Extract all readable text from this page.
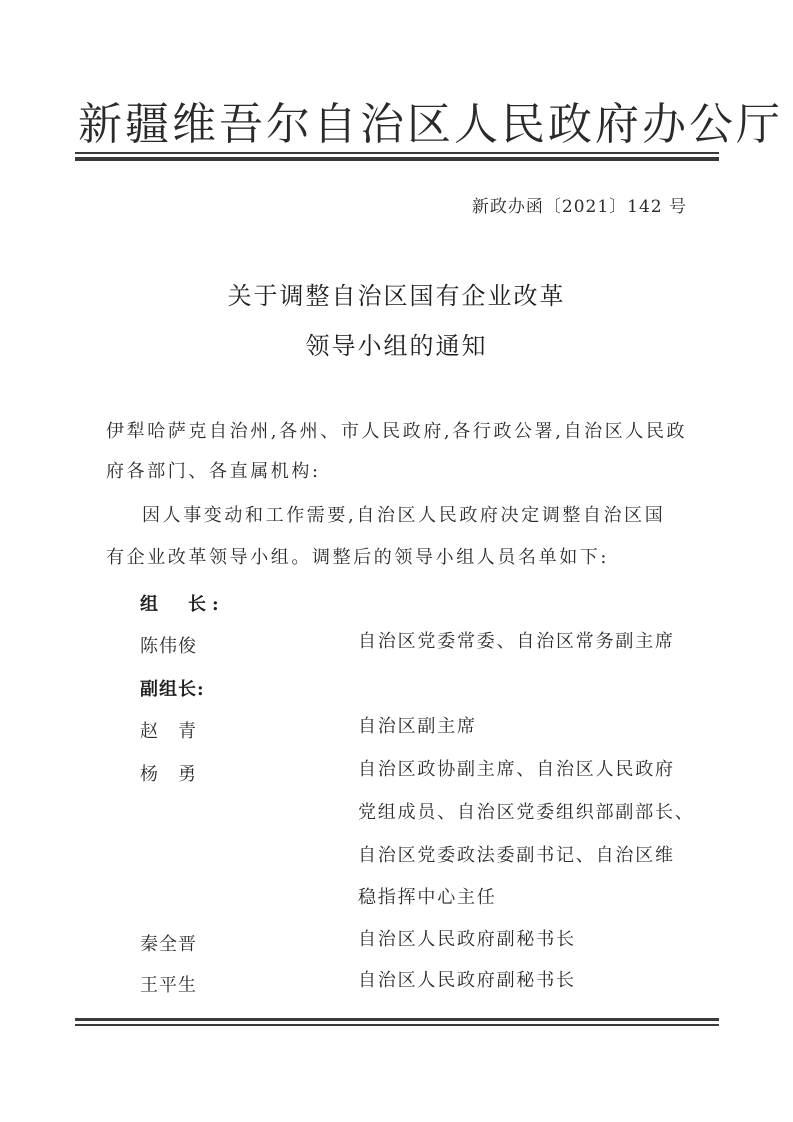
新疆维吾尔自治区人民政府办公厅
新政办函〔2021〕142 号
关于调整自治区国有企业改革
领导小组的通知
伊犁哈萨克自治州,各州、市人民政府,各行政公署,自治区人民政
府各部门、各直属机构:
因人事变动和工作需要,自治区人民政府决定调整自治区国
有企业改革领导小组。调整后的领导小组人员名单如下:
组　长:
陈伟俊	自治区党委常委、自治区常务副主席
副组长:
赵　青	自治区副主席
杨　勇	自治区政协副主席、自治区人民政府
党组成员、自治区党委组织部副部长、
自治区党委政法委副书记、自治区维
稳指挥中心主任
秦全晋	自治区人民政府副秘书长
王平生	自治区人民政府副秘书长
